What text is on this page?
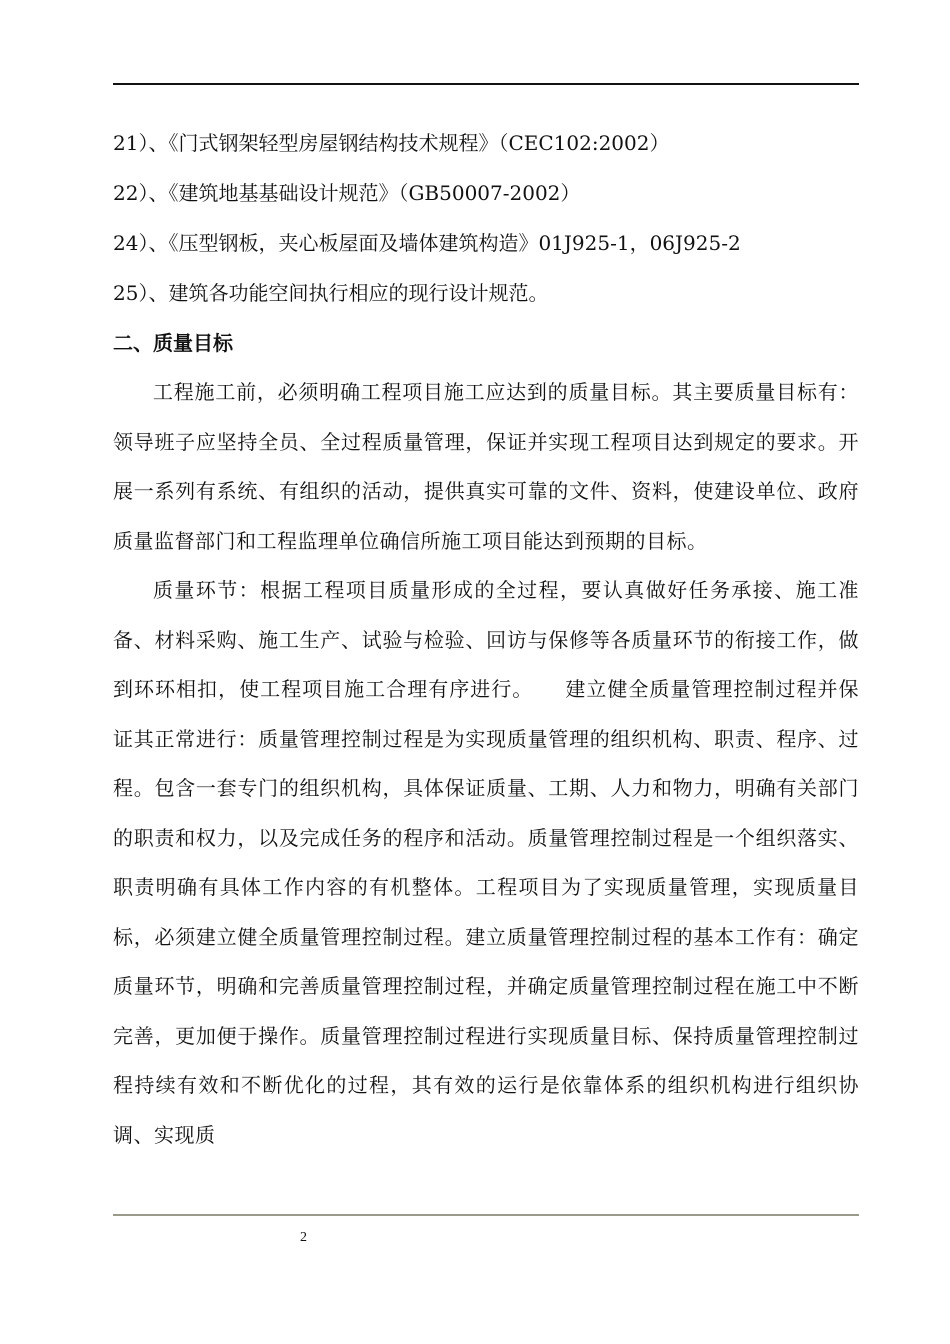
21）、《门式钢架轻型房屋钢结构技术规程》（CEC102:2002）
22）、《建筑地基基础设计规范》（GB50007-2002）
24）、《压型钢板，夹心板屋面及墙体建筑构造》01J925-1，06J925-2
25）、建筑各功能空间执行相应的现行设计规范。
二、质量目标

工程施工前，必须明确工程项目施工应达到的质量目标。其主要质量目标有：领导班子应坚持全员、全过程质量管理，保证并实现工程项目达到规定的要求。开展一系列有系统、有组织的活动，提供真实可靠的文件、资料，使建设单位、政府质量监督部门和工程监理单位确信所施工项目能达到预期的目标。

质量环节：根据工程项目质量形成的全过程，要认真做好任务承接、施工准备、材料采购、施工生产、试验与检验、回访与保修等各质量环节的衔接工作，做到环环相扣，使工程项目施工合理有序进行。　　建立健全质量管理控制过程并保证其正常进行：质量管理控制过程是为实现质量管理的组织机构、职责、程序、过程。包含一套专门的组织机构，具体保证质量、工期、人力和物力，明确有关部门的职责和权力，以及完成任务的程序和活动。质量管理控制过程是一个组织落实、职责明确有具体工作内容的有机整体。工程项目为了实现质量管理，实现质量目标，必须建立健全质量管理控制过程。建立质量管理控制过程的基本工作有：确定质量环节，明确和完善质量管理控制过程，并确定质量管理控制过程在施工中不断完善，更加便于操作。质量管理控制过程进行实现质量目标、保持质量管理控制过程持续有效和不断优化的过程，其有效的运行是依靠体系的组织机构进行组织协调、实现质

2
